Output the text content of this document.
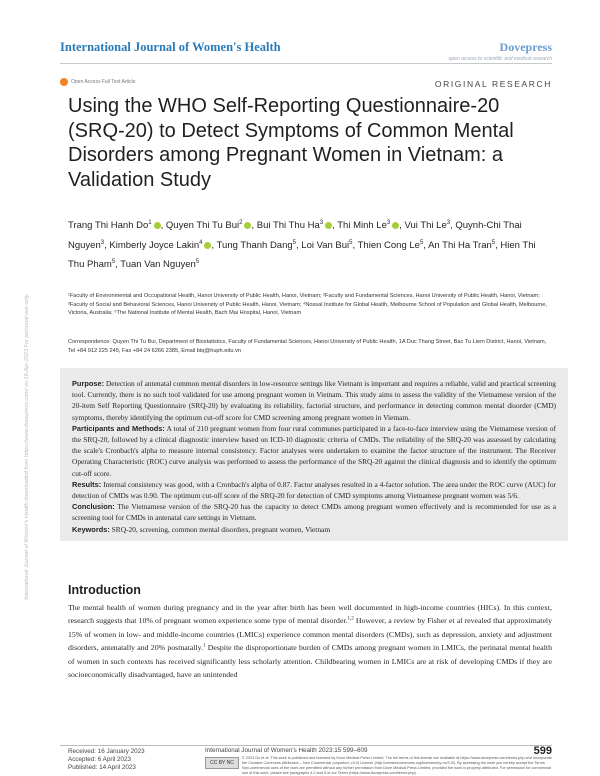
International Journal of Women's Health	Dovepress
open access to scientific and medical research
Open Access Full Text Article	ORIGINAL RESEARCH
Using the WHO Self-Reporting Questionnaire-20 (SRQ-20) to Detect Symptoms of Common Mental Disorders among Pregnant Women in Vietnam: a Validation Study
Trang Thi Hanh Do$^1$ , Quyen Thi Tu Bui$^2$ , Bui Thi Thu Ha$^3$ , Thi Minh Le$^3$ , Vui Thi Le$^3$, Quynh-Chi Thai Nguyen$^3$, Kimberly Joyce Lakin$^4$ , Tung Thanh Dang$^5$, Loi Van Bui$^5$, Thien Cong Le$^5$, An Thi Ha Tran$^5$, Hien Thi Thu Pham$^5$, Tuan Van Nguyen$^5$
¹Faculty of Environmental and Occupational Health, Hanoi University of Public Health, Hanoi, Vietnam; ²Faculty and Fundamental Sciences, Hanoi University of Public Health, Hanoi, Vietnam; ³Faculty of Social and Behavioral Sciences, Hanoi University of Public Health, Hanoi, Vietnam; ⁴Nossal Institute for Global Health, Melbourne School of Population and Global Health, Melbourne, Victoria, Australia; ⁵The National Institute of Mental Health, Bach Mai Hospital, Hanoi, Vietnam
Correspondence: Quyen Thi Tu Bui, Department of Biostatistics, Faculty of Fundamental Sciences, Hanoi University of Public Health, 1A Duc Thang Street, Bac Tu Liem District, Hanoi, Vietnam, Tel +84 912 225 245, Fax +84 24 6266 2385, Email btq@huph.edu.vn

Purpose: Detection of antenatal common mental disorders in low-resource settings like Vietnam is important and requires a reliable, valid and practical screening tool. Currently, there is no such tool validated for use among pregnant women in Vietnam. This study aims to assess the validity of the Vietnamese version of the 20-item Self Reporting Questionnaire (SRQ-20) by evaluating its reliability, factorial structure, and performance in detecting common mental disorder (CMD) symptoms, thereby identifying the optimum cut-off score for CMD screening among pregnant women in Vietnam.

Participants and Methods: A total of 210 pregnant women from four rural communes participated in a face-to-face interview using the Vietnamese version of the SRQ-20, followed by a clinical diagnostic interview based on ICD-10 diagnostic criteria of CMDs. The reliability of the SRQ-20 was assessed by calculating the scale's Cronbach's alpha to measure internal consistency. Factor analyses were undertaken to examine the factor structure of the instrument. The Receiver Operating Characteristic (ROC) curve analysis was performed to assess the performance of the SRQ-20 against the clinical diagnosis and to identify the optimum cut-off score.

Results: Internal consistency was good, with a Cronbach's alpha of 0.87. Factor analyses resulted in a 4-factor solution. The area under the ROC curve (AUC) for detection of CMDs was 0.90. The optimum cut-off score of the SRQ-20 for detection of CMD symptoms among Vietnamese pregnant women was 5/6.

Conclusion: The Vietnamese version of the SRQ-20 has the capacity to detect CMDs among pregnant women effectively and is recommended for use as a screening tool for CMDs in antenatal care settings in Vietnam.

Keywords: SRQ-20, screening, common mental disorders, pregnant women, Vietnam

Introduction
The mental health of women during pregnancy and in the year after birth has been well documented in high-income countries (HICs). In this context, research suggests that 10% of pregnant women experience some type of mental disorder.$^{1,2}$ However, a review by Fisher et al revealed that approximately 15% of women in low- and middle-income countries (LMICs) experience common mental disorders (CMDs), such as depression, anxiety and adjustment disorders, antenatally and 20% postnatally.$^1$ Despite the disproportionate burden of CMDs among pregnant women in LMICs, the perinatal mental health of women in such contexts has received significantly less scholarly attention. Childbearing women in LMICs are at risk of developing CMDs if they are socioeconomically disadvantaged, have an unintended
Received: 16 January 2023
Accepted: 6 April 2023
Published: 14 April 2023
International Journal of Women's Health 2023:15 599–609	599
CC BY NC
© 2023 Do et al. This work is published and licensed by Dove Medical Press Limited. The full terms of this license are available at https://www.dovepress.com/terms.php and incorporate the Creative Commons Attribution – Non Commercial (unported, v3.0) License (http://creativecommons.org/licenses/by-nc/3.0/). By accessing the work you hereby accept the Terms. Non-commercial uses of the work are permitted without any further permission from Dove Medical Press Limited, provided the work is properly attributed. For permission for commercial use of this work, please see paragraphs 4.2 and 5 of our Terms (https://www.dovepress.com/terms.php).
International Journal of Women's Health downloaded from https://www.dovepress.com/ on 16-Apr-2023 For personal use only.
